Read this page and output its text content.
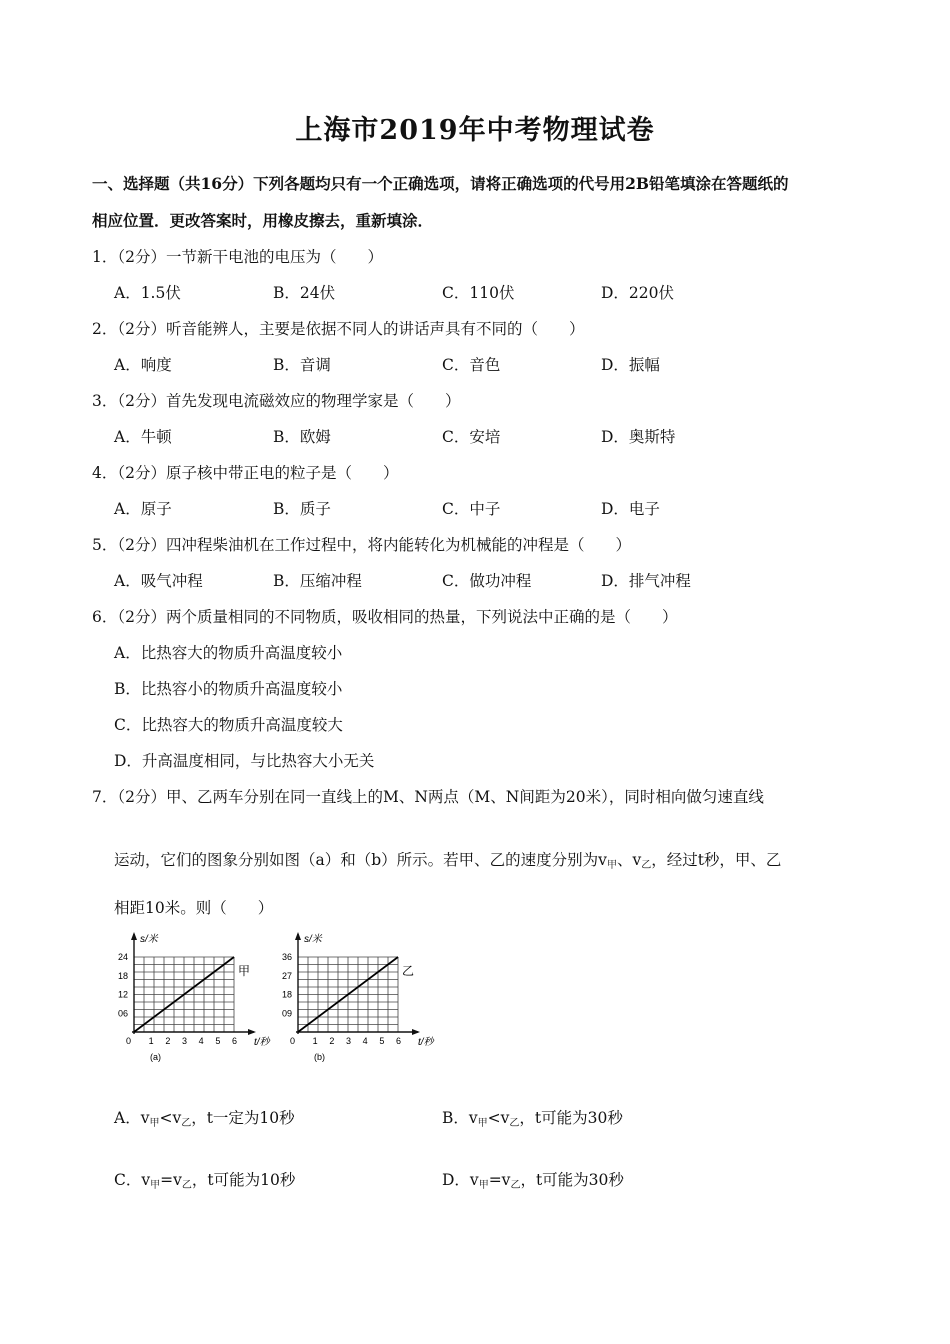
上海市2019年中考物理试卷
一、选择题（共16分）下列各题均只有一个正确选项，请将正确选项的代号用2B铅笔填涂在答题纸的
相应位置．更改答案时，用橡皮擦去，重新填涂．
1．（2分）一节新干电池的电压为（　　）
A．1.5伏	B．24伏	C．110伏	D．220伏
2．（2分）听音能辨人，主要是依据不同人的讲话声具有不同的（　　）
A．响度	B．音调	C．音色	D．振幅
3．（2分）首先发现电流磁效应的物理学家是（　　）
A．牛顿	B．欧姆	C．安培	D．奥斯特
4．（2分）原子核中带正电的粒子是（　　）
A．原子	B．质子	C．中子	D．电子
5．（2分）四冲程柴油机在工作过程中，将内能转化为机械能的冲程是（　　）
A．吸气冲程	B．压缩冲程	C．做功冲程	D．排气冲程
6．（2分）两个质量相同的不同物质，吸收相同的热量，下列说法中正确的是（　　）
A．比热容大的物质升高温度较小
B．比热容小的物质升高温度较小
C．比热容大的物质升高温度较大
D．升高温度相同，与比热容大小无关
7．（2分）甲、乙两车分别在同一直线上的M、N两点（M、N间距为20米），同时相向做匀速直线
运动，它们的图象分别如图（a）和（b）所示。若甲、乙的速度分别为v甲、v乙，经过t秒，甲、乙
相距10米。则（　　）
s/米
t/秒
0 1 2 3 4 5 6
06
12
18
24
甲
(a)
s/米
t/秒
0 1 2 3 4 5 6
09
18
27
36
乙
(b)
A．v甲<v乙，t一定为10秒	B．v甲<v乙，t可能为30秒
C．v甲=v乙，t可能为10秒	D．v甲=v乙，t可能为30秒
